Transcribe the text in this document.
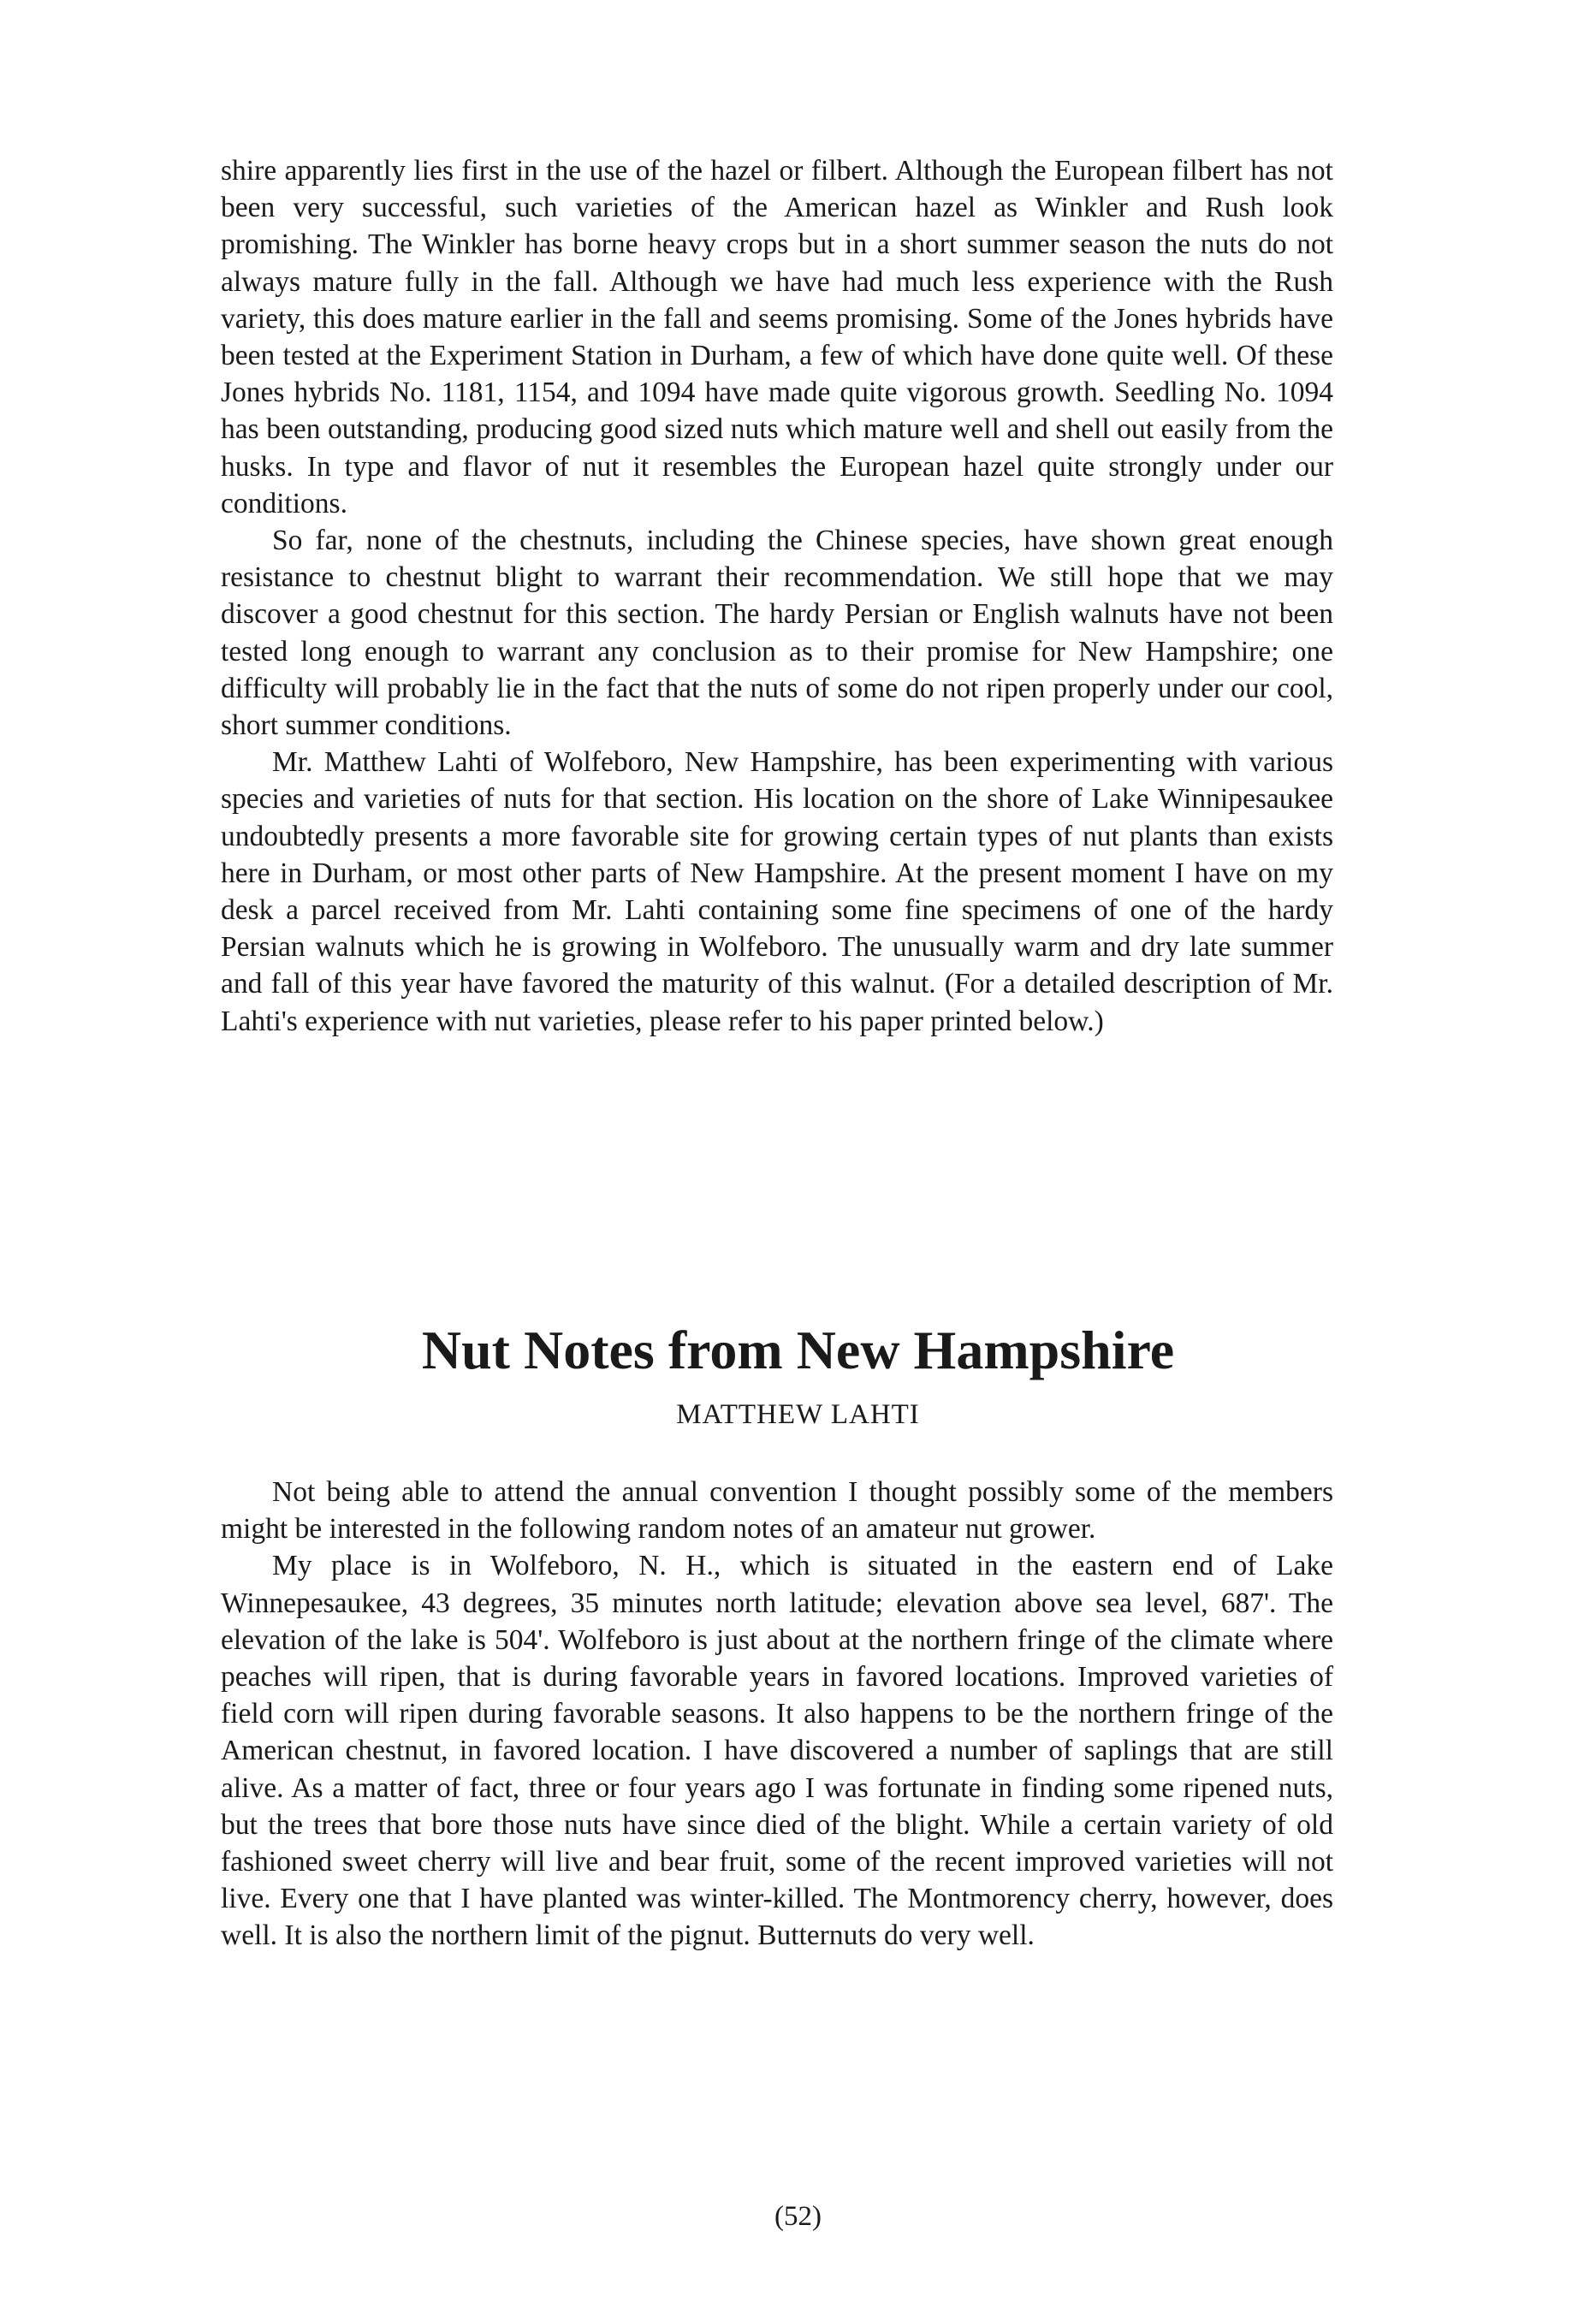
shire apparently lies first in the use of the hazel or filbert. Although the European filbert has not been very successful, such varieties of the American hazel as Winkler and Rush look promishing. The Winkler has borne heavy crops but in a short summer season the nuts do not always mature fully in the fall. Although we have had much less experience with the Rush variety, this does mature earlier in the fall and seems promising. Some of the Jones hybrids have been tested at the Experiment Station in Durham, a few of which have done quite well. Of these Jones hybrids No. 1181, 1154, and 1094 have made quite vigorous growth. Seedling No. 1094 has been outstanding, producing good sized nuts which mature well and shell out easily from the husks. In type and flavor of nut it resembles the European hazel quite strongly under our conditions.

So far, none of the chestnuts, including the Chinese species, have shown great enough resistance to chestnut blight to warrant their recommendation. We still hope that we may discover a good chestnut for this section. The hardy Persian or English walnuts have not been tested long enough to warrant any conclusion as to their promise for New Hampshire; one difficulty will probably lie in the fact that the nuts of some do not ripen properly under our cool, short summer conditions.

Mr. Matthew Lahti of Wolfeboro, New Hampshire, has been experimenting with various species and varieties of nuts for that section. His location on the shore of Lake Winnipesaukee undoubtedly presents a more favorable site for growing certain types of nut plants than exists here in Durham, or most other parts of New Hampshire. At the present moment I have on my desk a parcel received from Mr. Lahti containing some fine specimens of one of the hardy Persian walnuts which he is growing in Wolfeboro. The unusually warm and dry late summer and fall of this year have favored the maturity of this walnut. (For a detailed description of Mr. Lahti's experience with nut varieties, please refer to his paper printed below.)

Nut Notes from New Hampshire
MATTHEW LAHTI

Not being able to attend the annual convention I thought possibly some of the members might be interested in the following random notes of an amateur nut grower.

My place is in Wolfeboro, N. H., which is situated in the eastern end of Lake Winnepesaukee, 43 degrees, 35 minutes north latitude; elevation above sea level, 687'. The elevation of the lake is 504'. Wolfeboro is just about at the northern fringe of the climate where peaches will ripen, that is during favorable years in favored locations. Improved varieties of field corn will ripen during favorable seasons. It also happens to be the northern fringe of the American chestnut, in favored location. I have discovered a number of saplings that are still alive. As a matter of fact, three or four years ago I was fortunate in finding some ripened nuts, but the trees that bore those nuts have since died of the blight. While a certain variety of old fashioned sweet cherry will live and bear fruit, some of the recent improved varieties will not live. Every one that I have planted was winter-killed. The Montmorency cherry, however, does well. It is also the northern limit of the pignut. Butternuts do very well.

(52)
